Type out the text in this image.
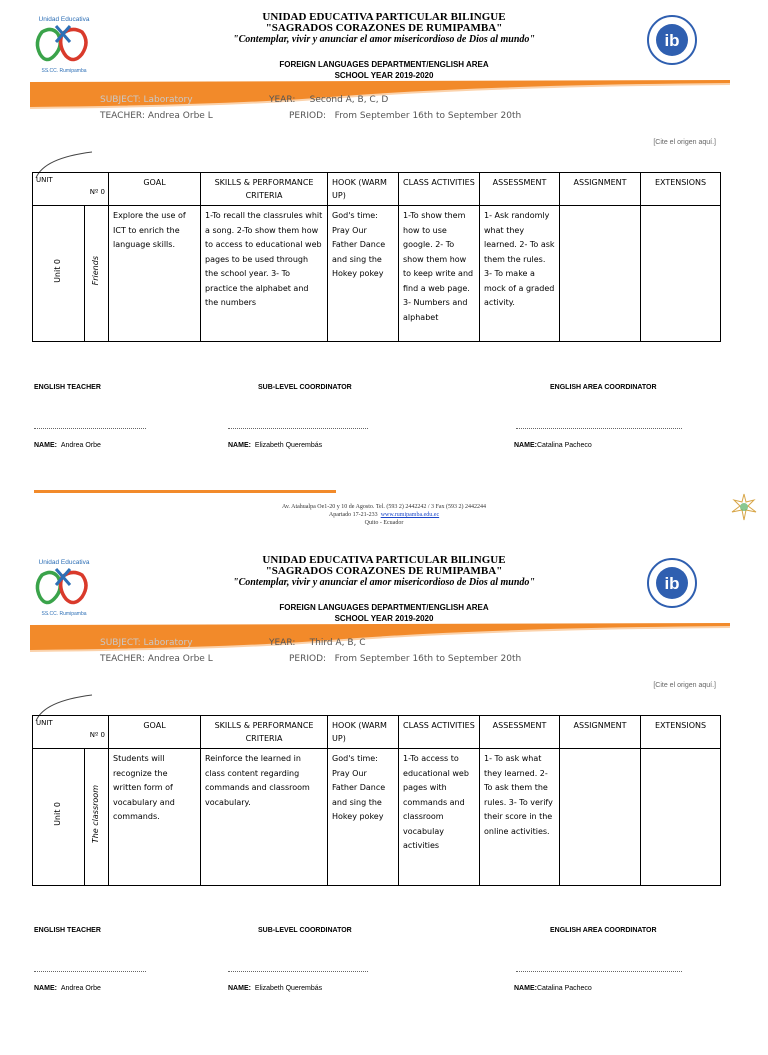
Unidad Educativa
SS.CC. Rumipamba
UNIDAD EDUCATIVA PARTICULAR BILINGUE
"SAGRADOS CORAZONES DE RUMIPAMBA"
"Contemplar, vivir y anunciar el amor misericordioso de Dios al mundo"	ib
FOREIGN LANGUAGES DEPARTMENT/ENGLISH AREA
SCHOOL YEAR 2019-2020
SUBJECT: Laboratory	YEAR: Second A, B, C, D
TEACHER: Andrea Orbe L	PERIOD: From September 16th to September 20th
[Cite el origen aquí.]
UNIT
Nº 0		GOAL	SKILLS & PERFORMANCE CRITERIA	HOOK (WARM UP)	CLASS ACTIVITIES	ASSESSMENT	ASSIGNMENT	EXTENSIONS
Unit 0	Friends	Explore the use of ICT to enrich the language skills.	1-To recall the classrules whit a song. 2-To show them how to access to educational web pages to be used through the school year. 3- To practice the alphabet and the numbers	God's time: Pray Our Father Dance and sing the Hokey pokey	1-To show them how to use google. 2- To show them how to keep write and find a web page. 3- Numbers and alphabet	1- Ask randomly what they learned. 2- To ask them the rules. 3- To make a mock of a graded activity.		
ENGLISH TEACHER	SUB-LEVEL COORDINATOR	ENGLISH AREA COORDINATOR
NAME: Andrea Orbe	NAME: Elizabeth Querembás	NAME:Catalina Pacheco
Av. Atahualpa Oe1-20 y 10 de Agosto. Tel. (593 2) 2442242 / 3 Fax (593 2) 2442244
Apartado 17-21-233 www.rumipamba.edu.ec
Quito - Ecuador
Unidad Educativa
SS.CC. Rumipamba
UNIDAD EDUCATIVA PARTICULAR BILINGUE
"SAGRADOS CORAZONES DE RUMIPAMBA"
"Contemplar, vivir y anunciar el amor misericordioso de Dios al mundo"	ib
FOREIGN LANGUAGES DEPARTMENT/ENGLISH AREA
SCHOOL YEAR 2019-2020
SUBJECT: Laboratory	YEAR: Third A, B, C
TEACHER: Andrea Orbe L	PERIOD: From September 16th to September 20th
[Cite el origen aquí.]
UNIT
Nº 0		GOAL	SKILLS & PERFORMANCE CRITERIA	HOOK (WARM UP)	CLASS ACTIVITIES	ASSESSMENT	ASSIGNMENT	EXTENSIONS
Unit 0	The classroom	Students will recognize the written form of vocabulary and commands.	Reinforce the learned in class content regarding commands and classroom vocabulary.	God's time: Pray Our Father Dance and sing the Hokey pokey	1-To access to educational web pages with commands and classroom vocabulay activities	1- To ask what they learned. 2- To ask them the rules. 3- To verify their score in the online activities.		
ENGLISH TEACHER	SUB-LEVEL COORDINATOR	ENGLISH AREA COORDINATOR
NAME: Andrea Orbe	NAME: Elizabeth Querembás	NAME:Catalina Pacheco
